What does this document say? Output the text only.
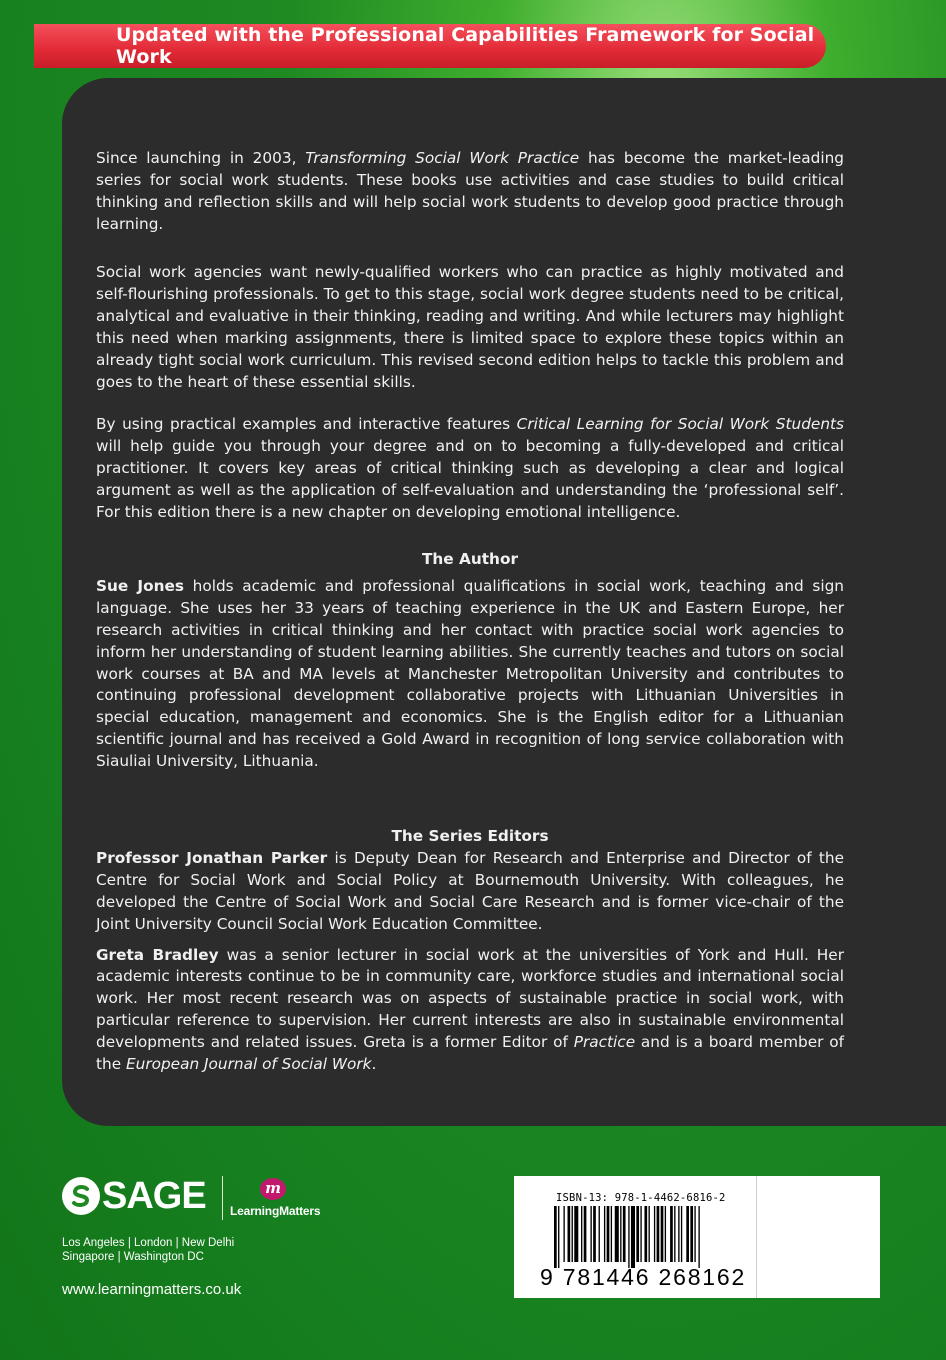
Updated with the Professional Capabilities Framework for Social Work

Since launching in 2003, Transforming Social Work Practice has become the market-leading series for social work students. These books use activities and case studies to build critical thinking and reflection skills and will help social work students to develop good practice through learning.

Social work agencies want newly-qualified workers who can practice as highly motivated and self-flourishing professionals. To get to this stage, social work degree students need to be critical, analytical and evaluative in their thinking, reading and writing. And while lecturers may highlight this need when marking assignments, there is limited space to explore these topics within an already tight social work curriculum. This revised second edition helps to tackle this problem and goes to the heart of these essential skills.

By using practical examples and interactive features Critical Learning for Social Work Students will help guide you through your degree and on to becoming a fully-developed and critical practitioner. It covers key areas of critical thinking such as developing a clear and logical argument as well as the application of self-evaluation and understanding the ‘professional self’. For this edition there is a new chapter on developing emotional intelligence.

The Author

Sue Jones holds academic and professional qualifications in social work, teaching and sign language. She uses her 33 years of teaching experience in the UK and Eastern Europe, her research activities in critical thinking and her contact with practice social work agencies to inform her understanding of student learning abilities. She currently teaches and tutors on social work courses at BA and MA levels at Manchester Metropolitan University and contributes to continuing professional development collaborative projects with Lithuanian Universities in special education, management and economics. She is the English editor for a Lithuanian scientific journal and has received a Gold Award in recognition of long service collaboration with Siauliai University, Lithuania.

The Series Editors

Professor Jonathan Parker is Deputy Dean for Research and Enterprise and Director of the Centre for Social Work and Social Policy at Bournemouth University. With colleagues, he developed the Centre of Social Work and Social Care Research and is former vice-chair of the Joint University Council Social Work Education Committee.

Greta Bradley was a senior lecturer in social work at the universities of York and Hull. Her academic interests continue to be in community care, workforce studies and international social work. Her most recent research was on aspects of sustainable practice in social work, with particular reference to supervision. Her current interests are also in sustainable environmental developments and related issues. Greta is a former Editor of Practice and is a board member of the European Journal of Social Work.

SAGE	m
LearningMatters
Los Angeles | London | New Delhi
Singapore | Washington DC
www.learningmatters.co.uk
ISBN-13: 978-1-4462-6816-2
9 781446 268162
